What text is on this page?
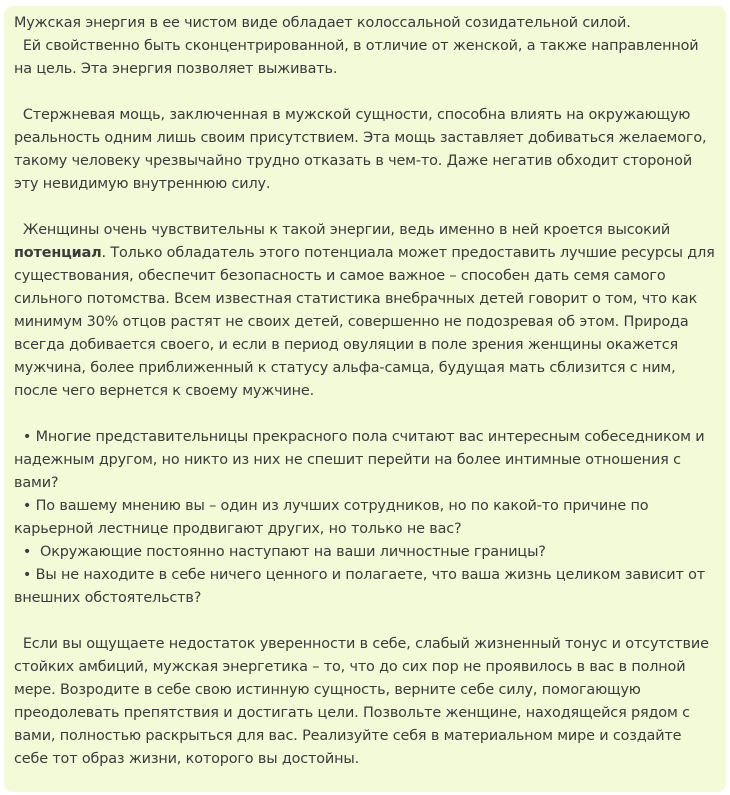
Мужская энергия в ее чистом виде обладает колоссальной созидательной силой.

Ей свойственно быть сконцентрированной, в отличие от женской, а также направленной на цель. Эта энергия позволяет выживать.

Стержневая мощь, заключенная в мужской сущности, способна влиять на окружающую реальность одним лишь своим присутствием. Эта мощь заставляет добиваться желаемого, такому человеку чрезвычайно трудно отказать в чем-то. Даже негатив обходит стороной эту невидимую внутреннюю силу.

Женщины очень чувствительны к такой энергии, ведь именно в ней кроется высокий потенциал. Только обладатель этого потенциала может предоставить лучшие ресурсы для существования, обеспечит безопасность и самое важное – способен дать семя самого сильного потомства. Всем известная статистика внебрачных детей говорит о том, что как минимум 30% отцов растят не своих детей, совершенно не подозревая об этом. Природа всегда добивается своего, и если в период овуляции в поле зрения женщины окажется мужчина, более приближенный к статусу альфа-самца, будущая мать сблизится с ним, после чего вернется к своему мужчине.

• Многие представительницы прекрасного пола считают вас интересным собеседником и надежным другом, но никто из них не спешит перейти на более интимные отношения с вами?
• По вашему мнению вы – один из лучших сотрудников, но по какой-то причине по карьерной лестнице продвигают других, но только не вас?
•  Окружающие постоянно наступают на ваши личностные границы?
• Вы не находите в себе ничего ценного и полагаете, что ваша жизнь целиком зависит от внешних обстоятельств?

Если вы ощущаете недостаток уверенности в себе, слабый жизненный тонус и отсутствие стойких амбиций, мужская энергетика – то, что до сих пор не проявилось в вас в полной мере. Возродите в себе свою истинную сущность, верните себе силу, помогающую преодолевать препятствия и достигать цели. Позвольте женщине, находящейся рядом с вами, полностью раскрыться для вас. Реализуйте себя в материальном мире и создайте себе тот образ жизни, которого вы достойны.
